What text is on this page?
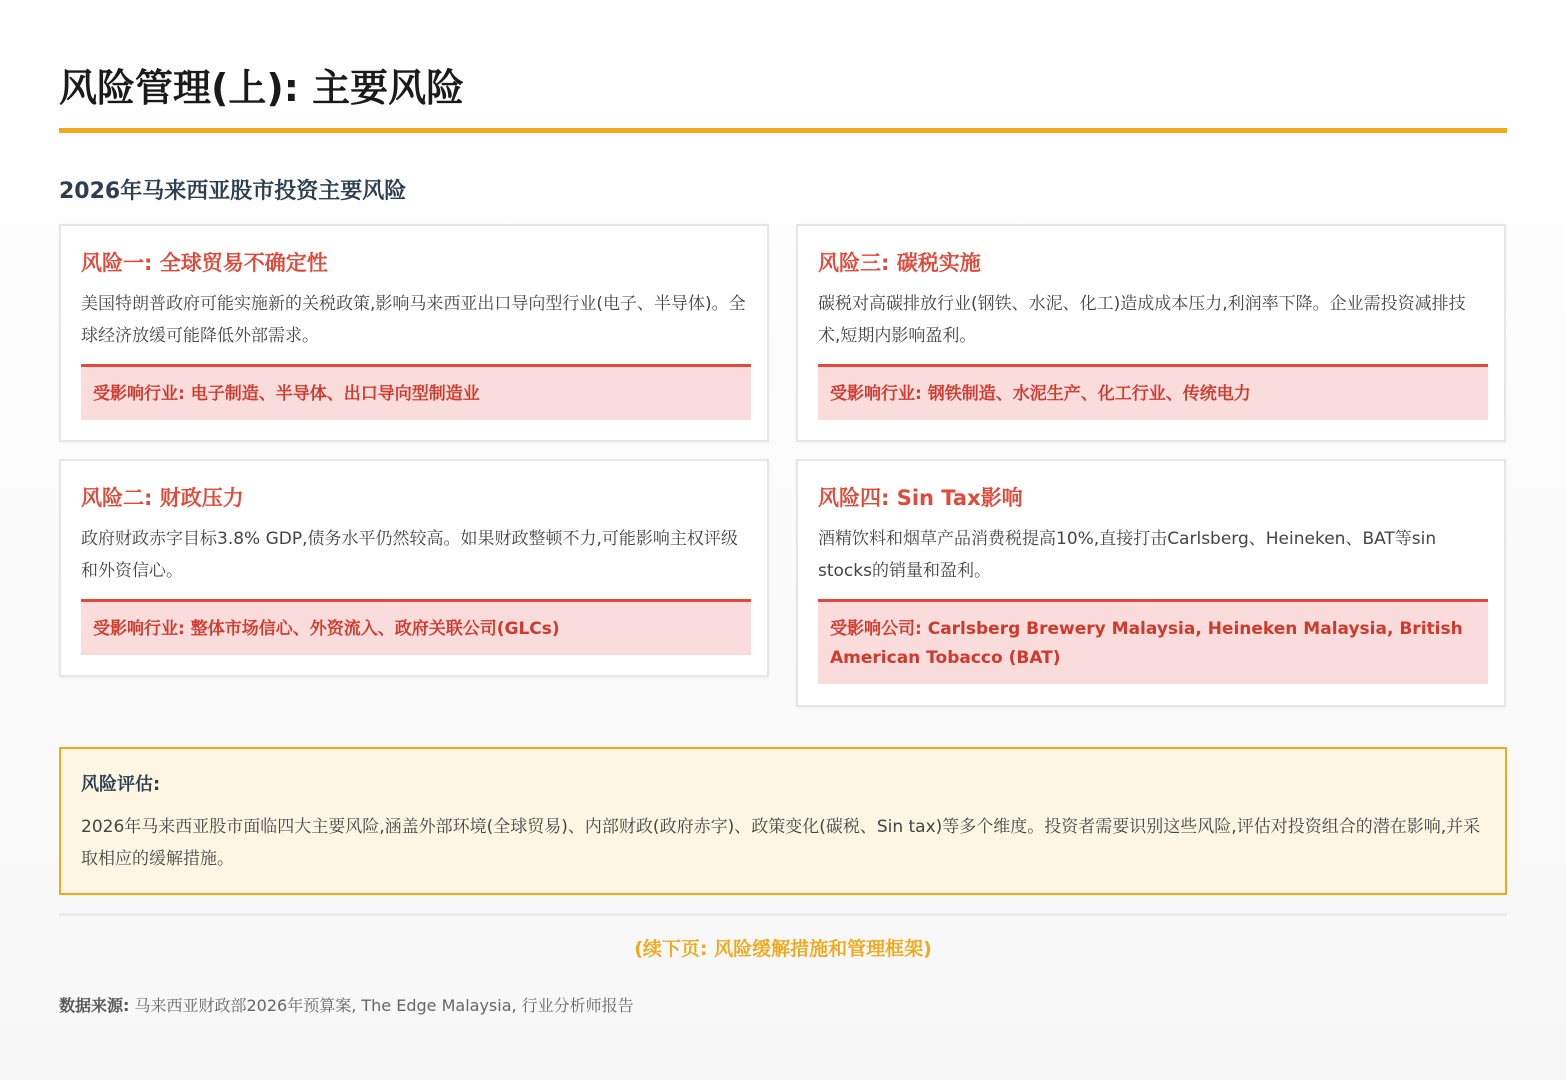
风险管理(上): 主要风险
2026年马来西亚股市投资主要风险
风险一: 全球贸易不确定性
美国特朗普政府可能实施新的关税政策,影响马来西亚出口导向型行业(电子、半导体)。全球经济放缓可能降低外部需求。
受影响行业: 电子制造、半导体、出口导向型制造业
风险三: 碳税实施
碳税对高碳排放行业(钢铁、水泥、化工)造成成本压力,利润率下降。企业需投资减排技术,短期内影响盈利。
受影响行业: 钢铁制造、水泥生产、化工行业、传统电力
风险二: 财政压力
政府财政赤字目标3.8% GDP,债务水平仍然较高。如果财政整顿不力,可能影响主权评级和外资信心。
受影响行业: 整体市场信心、外资流入、政府关联公司(GLCs)
风险四: Sin Tax影响
酒精饮料和烟草产品消费税提高10%,直接打击Carlsberg、Heineken、BAT等sin stocks的销量和盈利。
受影响公司: Carlsberg Brewery Malaysia, Heineken Malaysia, British American Tobacco (BAT)
风险评估:
2026年马来西亚股市面临四大主要风险,涵盖外部环境(全球贸易)、内部财政(政府赤字)、政策变化(碳税、Sin tax)等多个维度。投资者需要识别这些风险,评估对投资组合的潜在影响,并采取相应的缓解措施。
(续下页: 风险缓解措施和管理框架)
数据来源: 马来西亚财政部2026年预算案, The Edge Malaysia, 行业分析师报告
